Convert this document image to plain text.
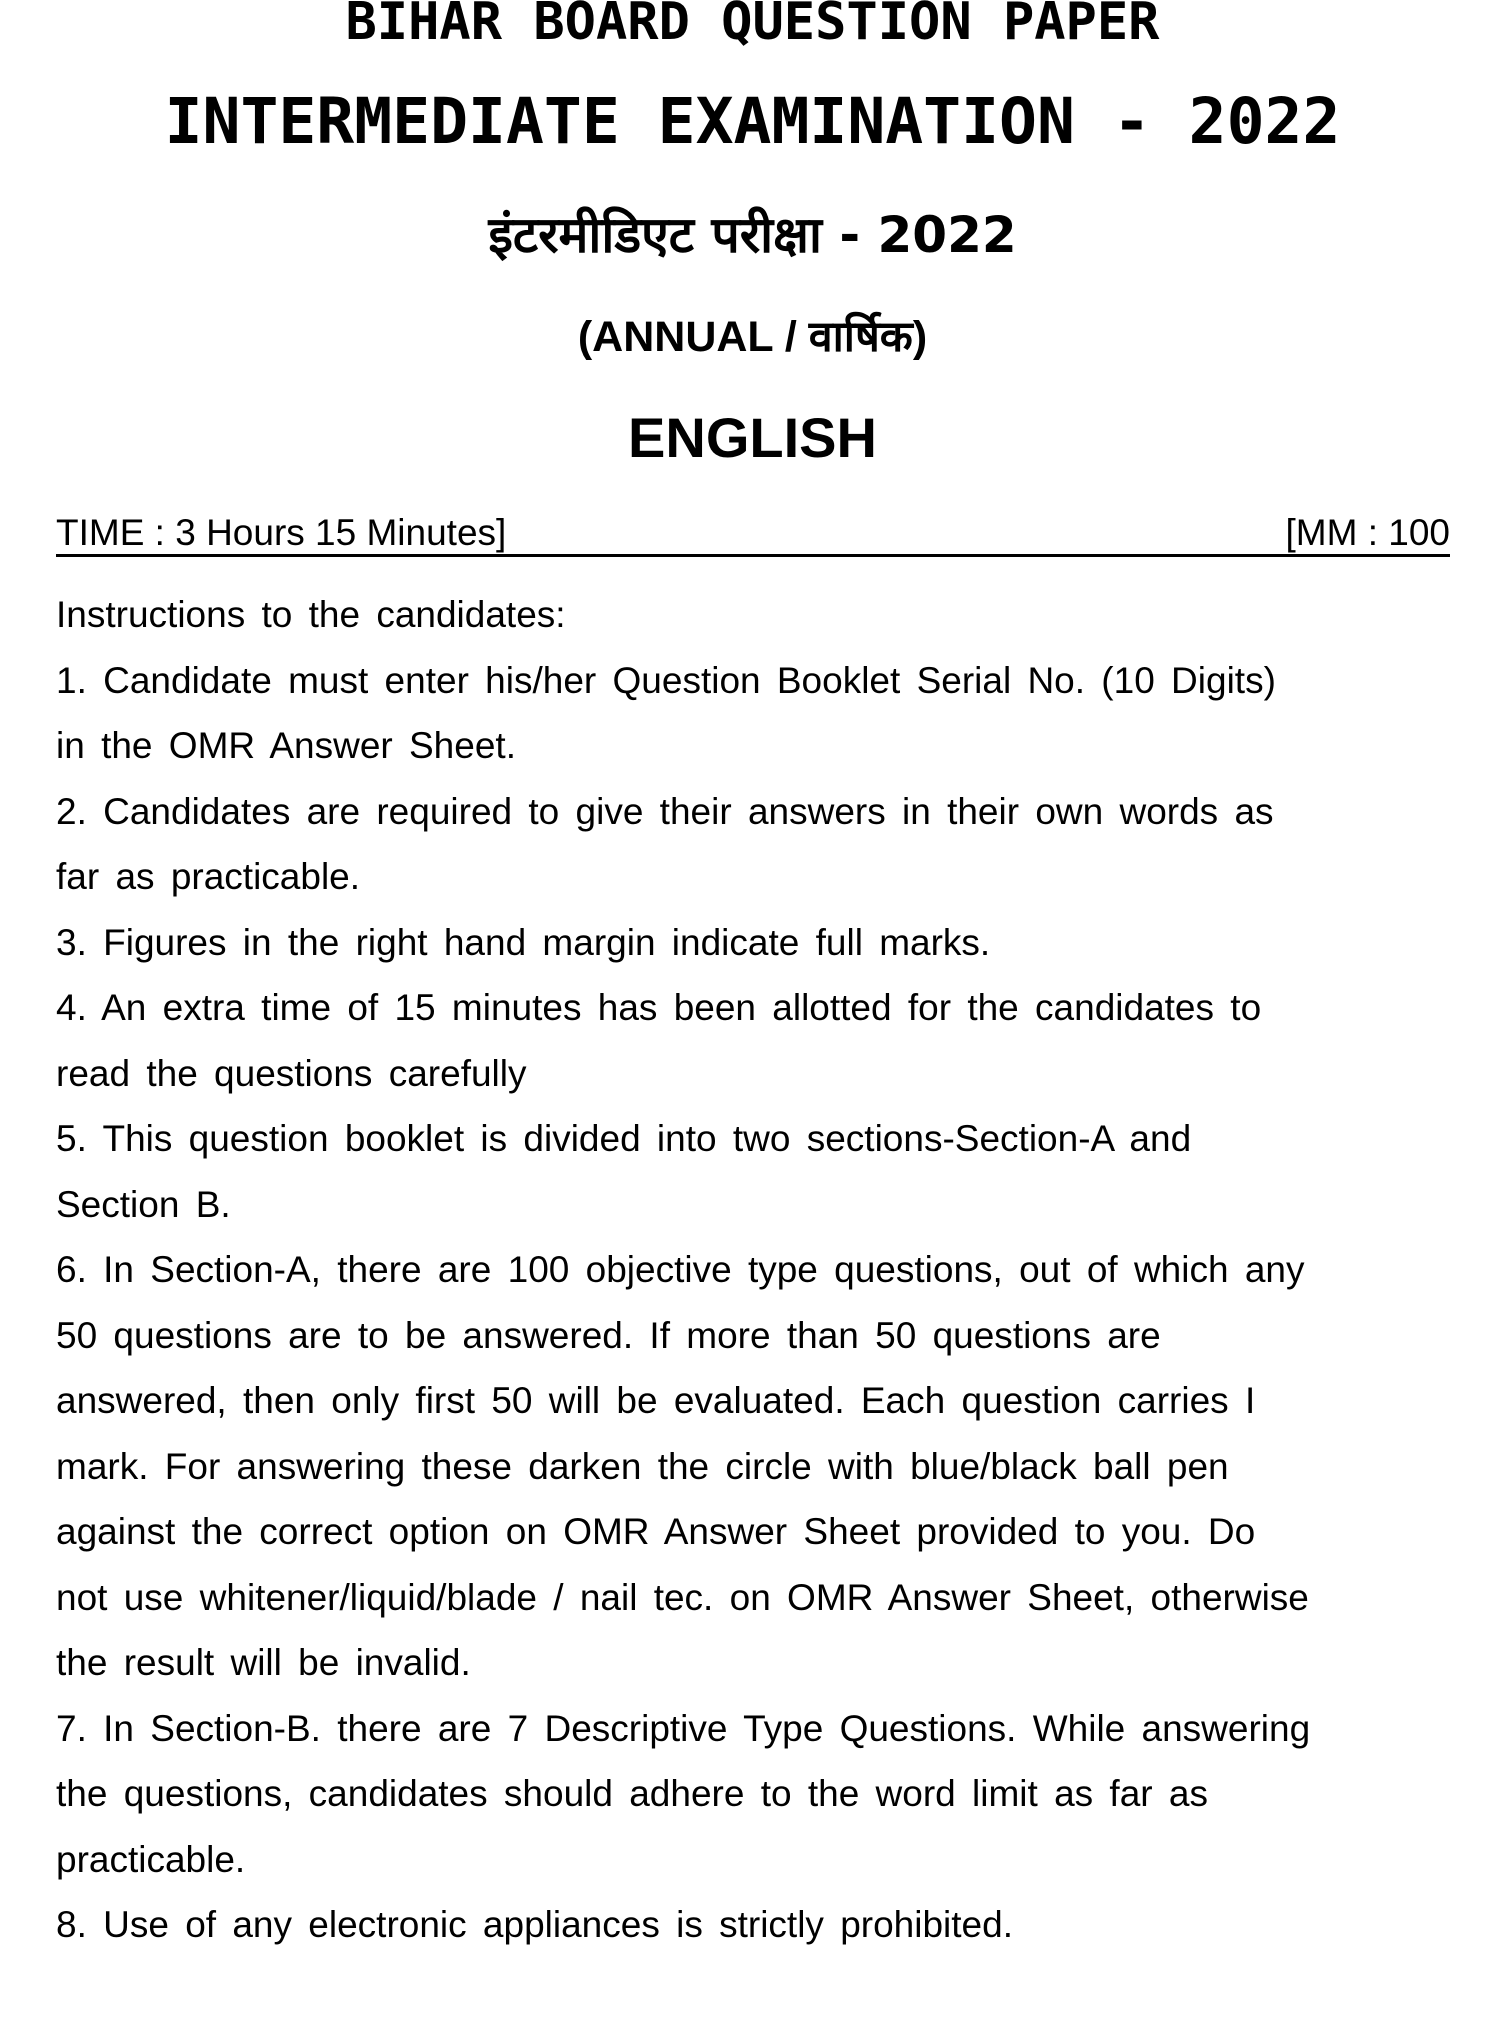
BIHAR BOARD QUESTION PAPER
INTERMEDIATE EXAMINATION - 2022
इंटरमीडिएट परीक्षा - 2022
(ANNUAL / वार्षिक)
ENGLISH
TIME : 3 Hours 15 Minutes]	[MM : 100
Instructions to the candidates:
1. Candidate must enter his/her Question Booklet Serial No. (10 Digits)
in the OMR Answer Sheet.
2. Candidates are required to give their answers in their own words as
far as practicable.
3. Figures in the right hand margin indicate full marks.
4. An extra time of 15 minutes has been allotted for the candidates to
read the questions carefully
5. This question booklet is divided into two sections-Section-A and
Section B.
6. In Section-A, there are 100 objective type questions, out of which any
50 questions are to be answered. If more than 50 questions are
answered, then only first 50 will be evaluated. Each question carries I
mark. For answering these darken the circle with blue/black ball pen
against the correct option on OMR Answer Sheet provided to you. Do
not use whitener/liquid/blade / nail tec. on OMR Answer Sheet, otherwise
the result will be invalid.
7. In Section-B. there are 7 Descriptive Type Questions. While answering
the questions, candidates should adhere to the word limit as far as
practicable.
8. Use of any electronic appliances is strictly prohibited.
